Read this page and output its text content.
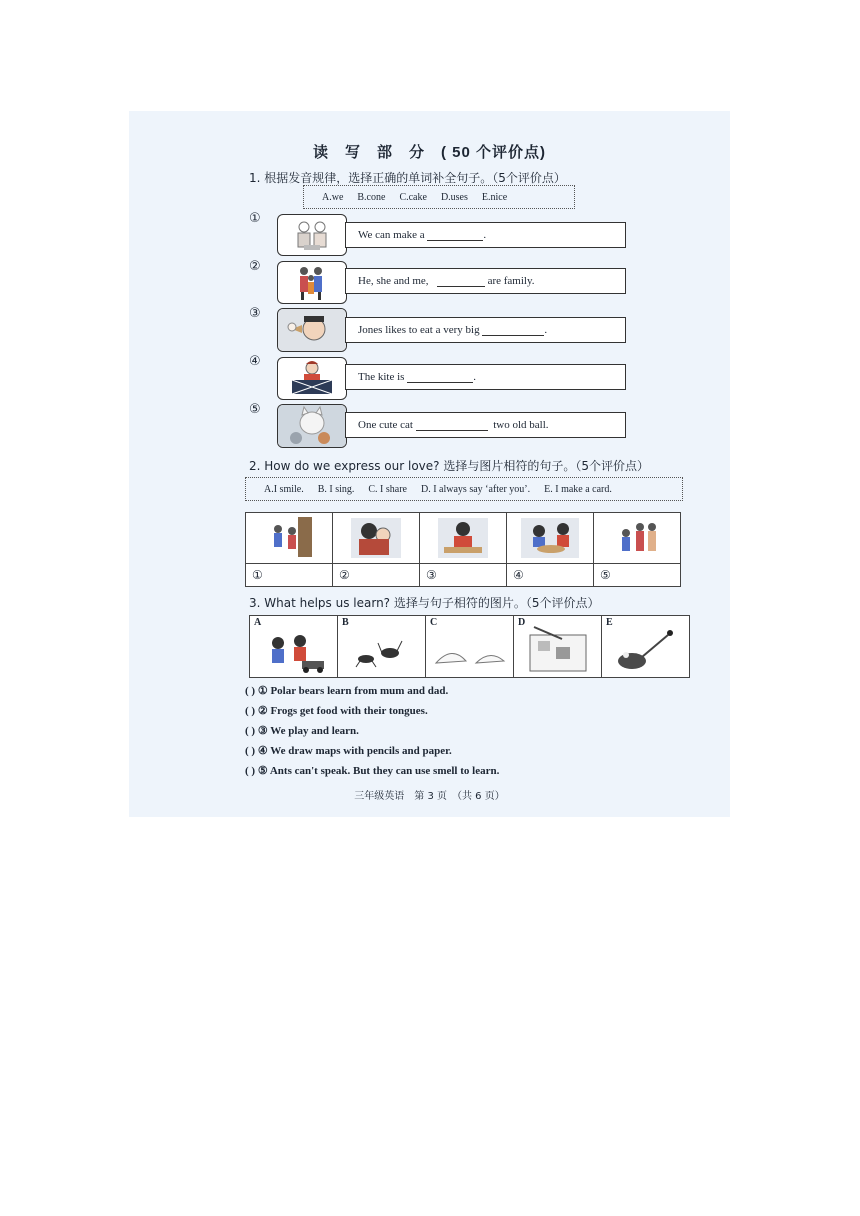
读　写　部　分　( 50 个评价点)
1. 根据发音规律，选择正确的单词补全句子。（5个评价点）
A.we B.cone C.cake D.uses E.nice
①
We can make a
	.
②
He, she and me,

	are family.
③
Jones likes to eat a very big
	.
④
The kite is
	.
⑤
One cute cat

	two old ball.
2. How do we express our love? 选择与图片相符的句子。（5个评价点）
A.I smile. B. I sing. C. I share D. I always say ‘after you’. E. I make a card.

①	②	③	④	⑤
3. What helps us learn? 选择与句子相符的图片。（5个评价点）
A	B	C	D	E
( ) ① Polar bears learn from mum and dad.
( ) ② Frogs get food with their tongues.
( ) ③ We play and learn.
( ) ④ We draw maps with pencils and paper.
( ) ⑤ Ants can't speak. But they can use smell to learn.
三年级英语　第 3 页　（共 6 页）
